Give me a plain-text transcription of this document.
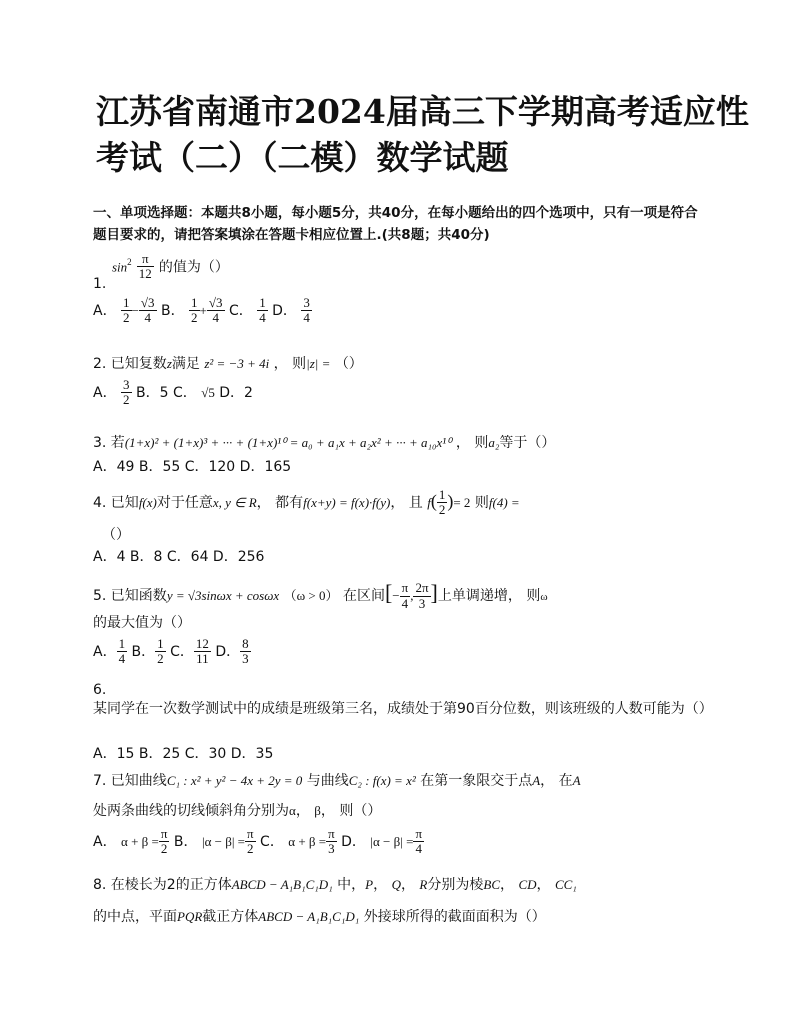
江苏省南通市2024届高三下学期高考适应性
考试（二）（二模）数学试题
一、单项选择题：本题共8小题，每小题5分，共40分，在每小题给出的四个选项中，只有一项是符合题目要求的，请把答案填涂在答题卡相应位置上.(共8题；共40分)
$\sin^2 \frac{\pi}{12}$ 的值为（）
1.
A． $\frac{1}{2} - \frac{√3}{4}$ B． $\frac{1}{2} + \frac{√3}{4}$ C． $\frac{1}{4}$ D． $\frac{3}{4}$
2. 已知复数z满足 z² = −3 + 4i ， 则|z| = （）
A． $\frac{3}{2}$ B．5 C． √5 D．2
3. 若(1+x)² + (1+x)³ + ··· + (1+x)¹⁰ = a₀ + a₁x + a₂x² + ··· + a₁₀x¹⁰ ， 则a₂等于（）
A．49 B．55 C．120 D．165
4. 已知f(x)对于任意x, y ∈ R， 都有f(x+y) = f(x)·f(y)， 且 $f( \frac{1}{2}$ )= 2 则f(4) =
（）
A．4 B．8 C．64 D．256
5. 已知函数y = √3sinωx + cosωx （ω > 0） 在区间[− $\frac{\pi}{4}$ , $\frac{2\pi}{3}$ ]上单调递增， 则ω
的最大值为（）
A． $\frac{1}{4}$ B． $\frac{1}{2}$ C． $\frac{12}{11}$ D． $\frac{8}{3}$
6.
某同学在一次数学测试中的成绩是班级第三名，成绩处于第90百分位数，则该班级的人数可能为（）
A．15 B．25 C．30 D．35
7. 已知曲线C₁ : x² + y² − 4x + 2y = 0 与曲线C₂ : f(x) = x² 在第一象限交于点A， 在A
处两条曲线的切线倾斜角分别为α， β， 则（）
A． $\alpha + \beta = \frac{\pi}{2}$ B． $|\alpha - \beta| = \frac{\pi}{2}$ C． $\alpha + \beta = \frac{\pi}{3}$ D． $|\alpha - \beta| = \frac{\pi}{4}$
8. 在棱长为2的正方体ABCD − A₁B₁C₁D₁ 中，P， Q， R分别为棱BC， CD， CC₁
的中点，平面PQR截正方体ABCD − A₁B₁C₁D₁ 外接球所得的截面面积为（）
